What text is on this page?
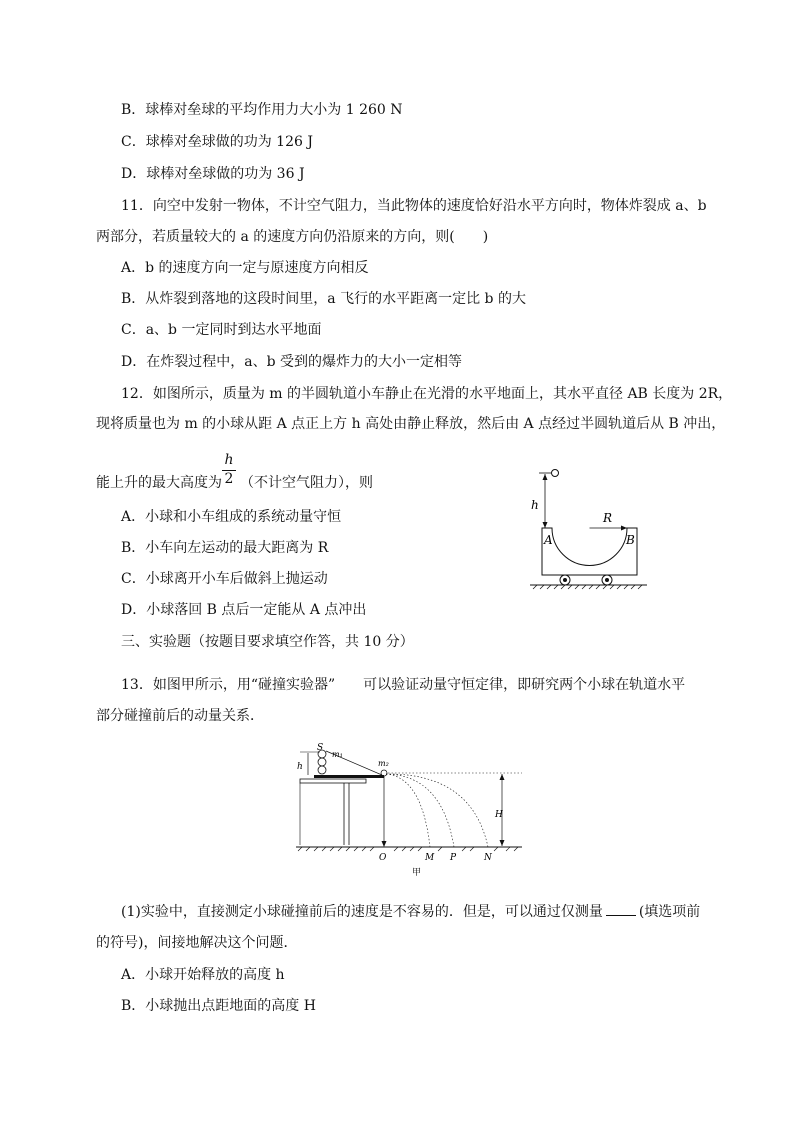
B．球棒对垒球的平均作用力大小为 1 260 N
C．球棒对垒球做的功为 126 J
D．球棒对垒球做的功为 36 J
11．向空中发射一物体，不计空气阻力，当此物体的速度恰好沿水平方向时，物体炸裂成 a、b
两部分，若质量较大的 a 的速度方向仍沿原来的方向，则(　　)
A．b 的速度方向一定与原速度方向相反
B．从炸裂到落地的这段时间里，a 飞行的水平距离一定比 b 的大
C．a、b 一定同时到达水平地面
D．在炸裂过程中，a、b 受到的爆炸力的大小一定相等
12．如图所示，质量为 m 的半圆轨道小车静止在光滑的水平地面上，其水平直径 AB 长度为 2R，
现将质量也为 m 的小球从距 A 点正上方 h 高处由静止释放，然后由 A 点经过半圆轨道后从 B 冲出，
能上升的最大高度为
h
2 （不计空气阻力），则
A．小球和小车组成的系统动量守恒
B．小车向左运动的最大距离为 R
C．小球离开小车后做斜上抛运动
D．小球落回 B 点后一定能从 A 点冲出
h
R
A	B
三、实验题（按题目要求填空作答，共 10 分）
13．如图甲所示，用“碰撞实验器”　　可以验证动量守恒定律，即研究两个小球在轨道水平
部分碰撞前后的动量关系．
h
S
m₁
m₂
H
O	M P	N
甲
(1)实验中，直接测定小球碰撞前后的速度是不容易的．但是，可以通过仅测量	(填选项前
的符号)，间接地解决这个问题．
A．小球开始释放的高度 h
B．小球抛出点距地面的高度 H
